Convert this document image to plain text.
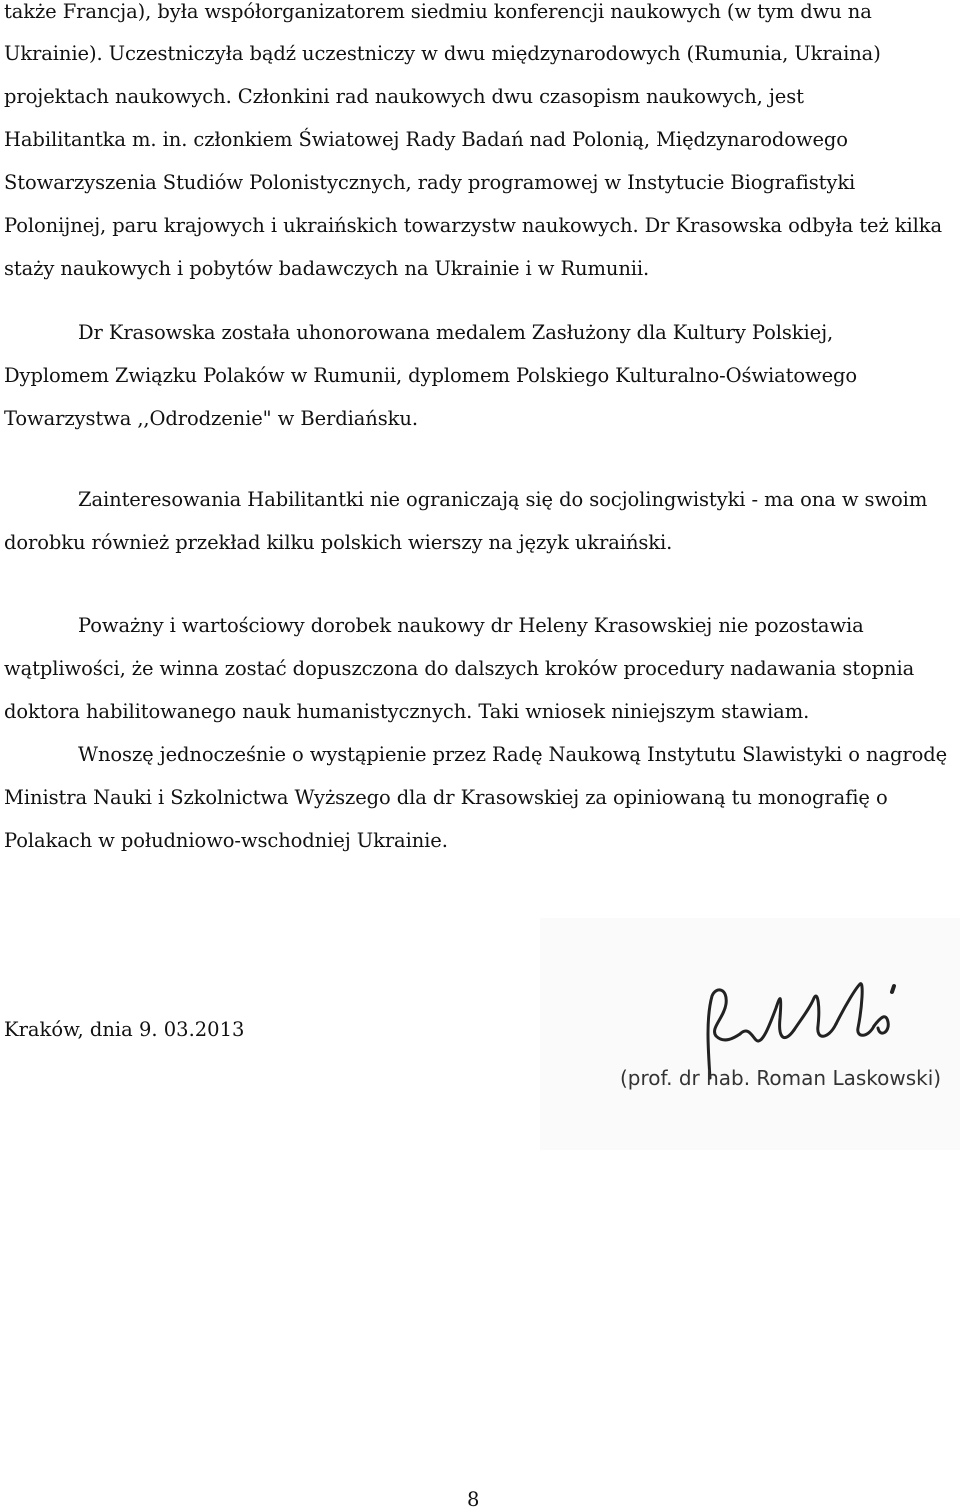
także Francja), była współorganizatorem siedmiu konferencji naukowych (w tym dwu na
Ukrainie). Uczestniczyła bądź uczestniczy w dwu międzynarodowych (Rumunia, Ukraina)
projektach naukowych. Członkini rad naukowych dwu czasopism naukowych, jest
Habilitantka m. in. członkiem Światowej Rady Badań nad Polonią, Międzynarodowego
Stowarzyszenia Studiów Polonistycznych, rady programowej w Instytucie Biografistyki
Polonijnej, paru krajowych i ukraińskich towarzystw naukowych. Dr Krasowska odbyła też kilka
staży naukowych i pobytów badawczych na Ukrainie i w Rumunii.
Dr Krasowska została uhonorowana medalem Zasłużony dla Kultury Polskiej,
Dyplomem Związku Polaków w Rumunii, dyplomem Polskiego Kulturalno-Oświatowego
Towarzystwa ,,Odrodzenie" w Berdiańsku.
Zainteresowania Habilitantki nie ograniczają się do socjolingwistyki - ma ona w swoim
dorobku również przekład kilku polskich wierszy na język ukraiński.
Poważny i wartościowy dorobek naukowy dr Heleny Krasowskiej nie pozostawia
wątpliwości, że winna zostać dopuszczona do dalszych kroków procedury nadawania stopnia
doktora habilitowanego nauk humanistycznych. Taki wniosek niniejszym stawiam.
Wnoszę jednocześnie o wystąpienie przez Radę Naukową Instytutu Slawistyki o nagrodę
Ministra Nauki i Szkolnictwa Wyższego dla dr Krasowskiej za opiniowaną tu monografię o
Polakach w południowo-wschodniej Ukrainie.
(prof. dr hab. Roman Laskowski)
Kraków, dnia 9. 03.2013
8
